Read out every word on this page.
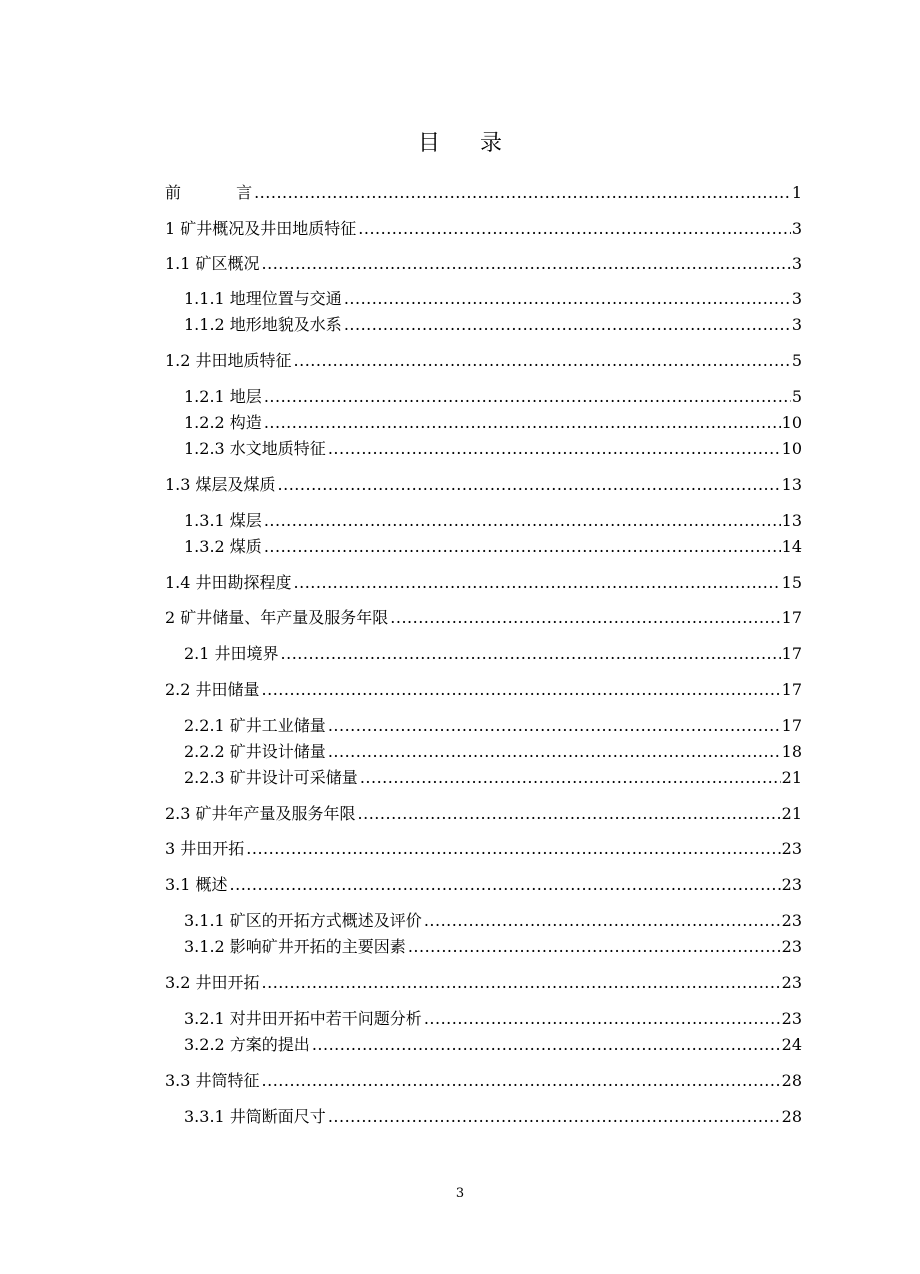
目 录
前 言 .....	1
1 矿井概况及井田地质特征 .....	3
1.1 矿区概况 .....	3
1.1.1 地理位置与交通 .....	3
1.1.2 地形地貌及水系 .....	3
1.2 井田地质特征 .....	5
1.2.1 地层 .....	5
1.2.2 构造 .....	10
1.2.3 水文地质特征 .....	10
1.3 煤层及煤质 .....	13
1.3.1 煤层 .....	13
1.3.2 煤质 .....	14
1.4 井田勘探程度 .....	15
2 矿井储量、年产量及服务年限 .....	17
2.1 井田境界 .....	17
2.2 井田储量 .....	17
2.2.1 矿井工业储量 .....	17
2.2.2 矿井设计储量 .....	18
2.2.3 矿井设计可采储量 .....	21
2.3 矿井年产量及服务年限 .....	21
3 井田开拓 .....	23
3.1 概述 .....	23
3.1.1 矿区的开拓方式概述及评价 .....	23
3.1.2 影响矿井开拓的主要因素 .....	23
3.2 井田开拓 .....	23
3.2.1 对井田开拓中若干问题分析 .....	23
3.2.2 方案的提出 .....	24
3.3 井筒特征 .....	28
3.3.1 井筒断面尺寸 .....	28
3
